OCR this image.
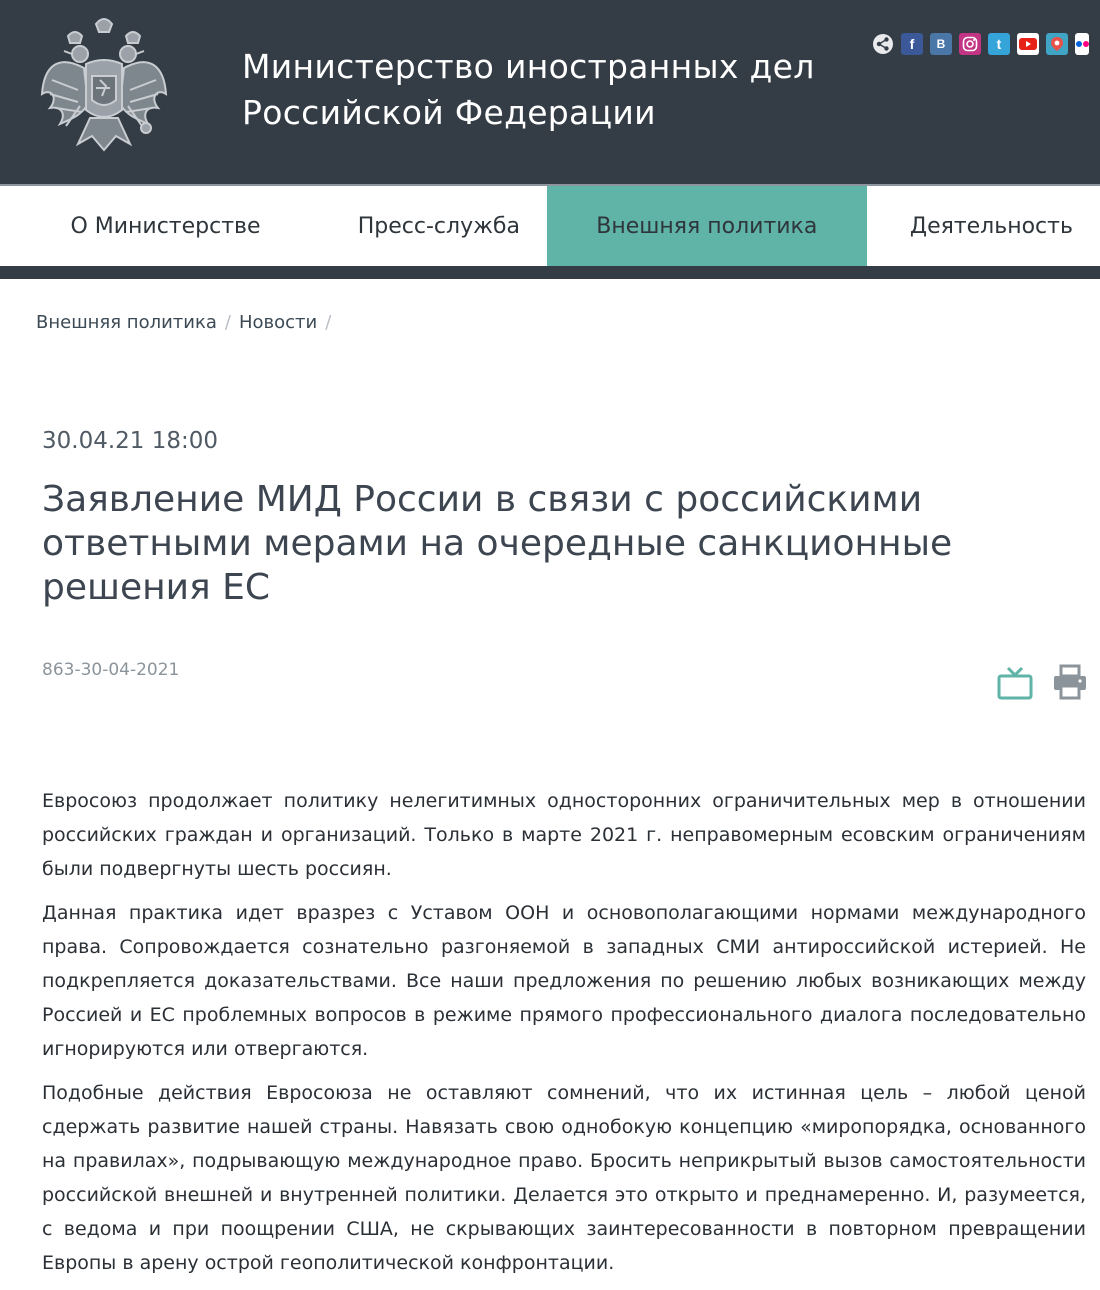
Министерство иностранных дел
Российской Федерации
f	B	t
О Министерстве	Пресс-служба	Внешняя политика	Деятельность
Внешняя политика / Новости /
30.04.21 18:00
Заявление МИД России в связи с российскими ответными мерами на очередные санкционные решения ЕС
863-30-04-2021

Евросоюз продолжает политику нелегитимных односторонних ограничительных мер в отношении российских граждан и организаций. Только в марте 2021 г. неправомерным есовским ограничениям были подвергнуты шесть россиян.

Данная практика идет вразрез с Уставом ООН и основополагающими нормами международного права. Сопровождается сознательно разгоняемой в западных СМИ антироссийской истерией. Не подкрепляется доказательствами. Все наши предложения по решению любых возникающих между Россией и ЕС проблемных вопросов в режиме прямого профессионального диалога последовательно игнорируются или отвергаются.

Подобные действия Евросоюза не оставляют сомнений, что их истинная цель – любой ценой сдержать развитие нашей страны. Навязать свою однобокую концепцию «миропорядка, основанного на правилах», подрывающую международное право. Бросить неприкрытый вызов самостоятельности российской внешней и внутренней политики. Делается это открыто и преднамеренно. И, разумеется, с ведома и при поощрении США, не скрывающих заинтересованности в повторном превращении Европы в арену острой геополитической конфронтации.
